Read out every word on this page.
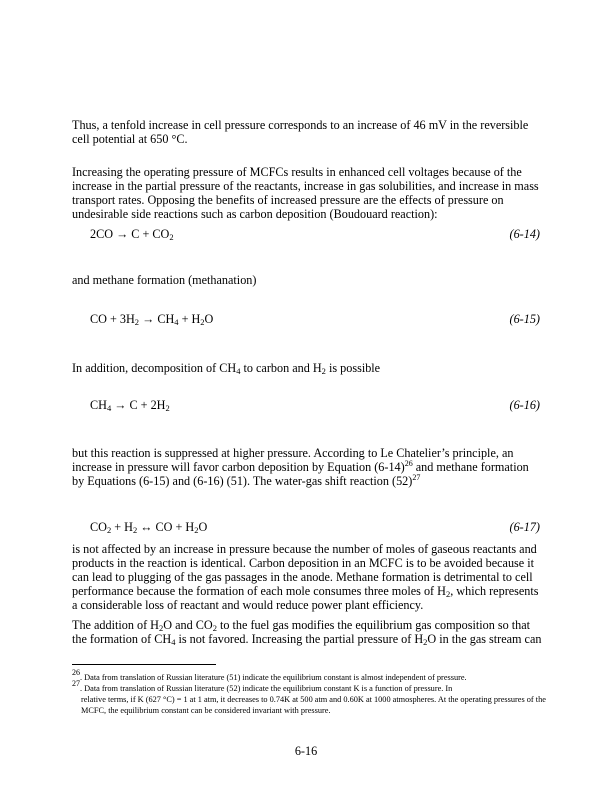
Thus, a tenfold increase in cell pressure corresponds to an increase of 46 mV in the reversible cell potential at 650 °C.
Increasing the operating pressure of MCFCs results in enhanced cell voltages because of the increase in the partial pressure of the reactants, increase in gas solubilities, and increase in mass transport rates. Opposing the benefits of increased pressure are the effects of pressure on undesirable side reactions such as carbon deposition (Boudouard reaction):
$2CO \to C + CO_2$	(6-14)
and methane formation (methanation)
CO + $3H_2 \to CH_4 + H_2O$	(6-15)
In addition, decomposition of $CH_4$ to carbon and $H_2$ is possible
$CH_4 \to C + 2H_2$	(6-16)
but this reaction is suppressed at higher pressure. According to Le Chatelier’s principle, an increase in pressure will favor carbon deposition by Equation $(6-14)^{26}$ and methane formation by Equations (6-15) and (6-16) (51). The water-gas shift reaction $(52)^{27}$
$CO_2 + H_2$ ↔ CO + $H_2O$	(6-17)
is not affected by an increase in pressure because the number of moles of gaseous reactants and products in the reaction is identical. Carbon deposition in an MCFC is to be avoided because it can lead to plugging of the gas passages in the anode. Methane formation is detrimental to cell performance because the formation of each mole consumes three moles of $H_2$, which represents a considerable loss of reactant and would reduce power plant efficiency.
The addition of $H_2O$ and $CO_2$ to the fuel gas modifies the equilibrium gas composition so that the formation of $CH_4$ is not favored. Increasing the partial pressure of $H_2O$ in the gas stream can
$^{26}$. Data from translation of Russian literature (51) indicate the equilibrium constant is almost independent of pressure.
$^{27}$. Data from translation of Russian literature (52) indicate the equilibrium constant K is a function of pressure. In
relative terms, if K (627 °C) = 1 at 1 atm, it decreases to 0.74K at 500 atm and 0.60K at 1000 atmospheres. At the operating pressures of the MCFC, the equilibrium constant can be considered invariant with pressure.
6-16
